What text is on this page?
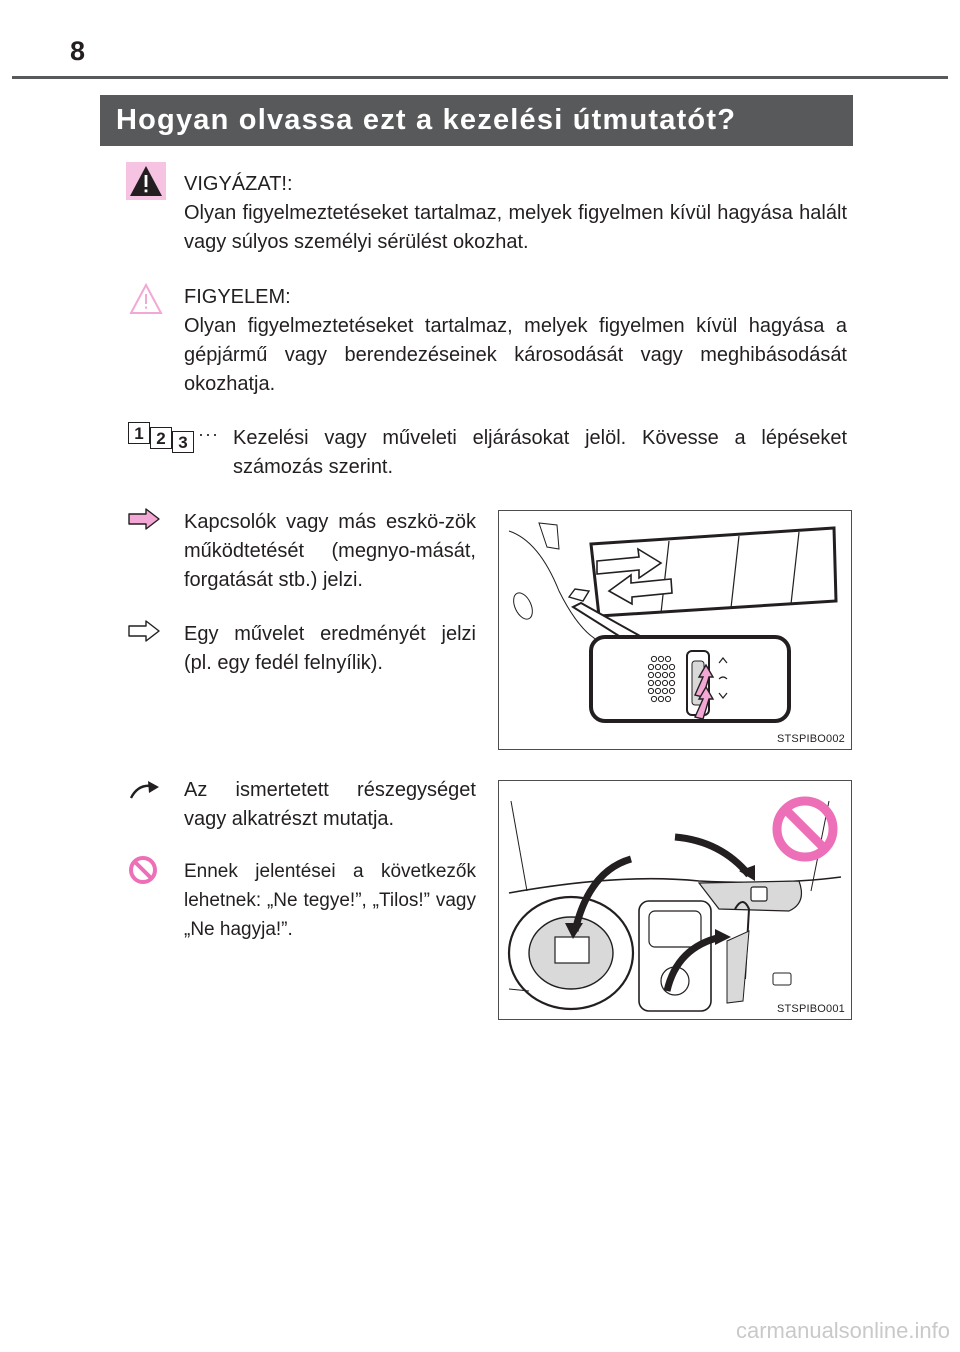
8
Hogyan olvassa ezt a kezelési útmutatót?
VIGYÁZAT!:
Olyan figyelmeztetéseket tartalmaz, melyek figyelmen kívül hagyása halált vagy súlyos személyi sérülést okozhat.
FIGYELEM:
Olyan figyelmeztetéseket tartalmaz, melyek figyelmen kívül hagyása a gépjármű vagy berendezéseinek károsodását vagy meghibásodását okozhatja.
1 2 3 ··· Kezelési vagy műveleti eljárásokat jelöl. Kövesse a lépéseket számozás szerint.
Kapcsolók vagy más eszkö-zök működtetését (megnyo-mását, forgatását stb.) jelzi.
Egy művelet eredményét jelzi (pl. egy fedél felnyílik).
STSPIBO002
Az ismertetett részegységet vagy alkatrészt mutatja.
Ennek jelentései a következők lehetnek: „Ne tegye!”, „Tilos!” vagy „Ne hagyja!”.
STSPIBO001
carmanualsonline.info
